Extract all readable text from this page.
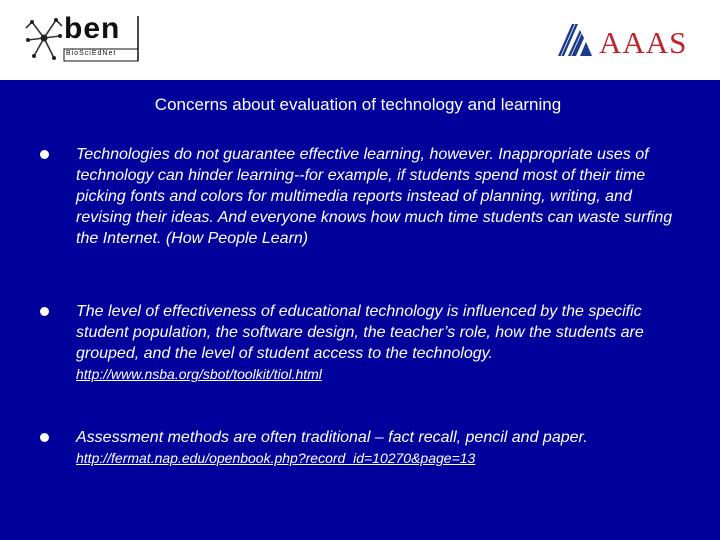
ben
BioSciEdNet	AAAS
Concerns about evaluation of technology and learning
Technologies do not guarantee effective learning, however. Inappropriate uses of technology can hinder learning--for example, if students spend most of their time picking fonts and colors for multimedia reports instead of planning, writing, and revising their ideas. And everyone knows how much time students can waste surfing the Internet. (How People Learn)
The level of effectiveness of educational technology is influenced by the specific student population, the software design, the teacher’s role, how the students are grouped, and the level of student access to the technology.
http://www.nsba.org/sbot/toolkit/tiol.html
Assessment methods are often traditional – fact recall, pencil and paper.
http://fermat.nap.edu/openbook.php?record_id=10270&page=13
